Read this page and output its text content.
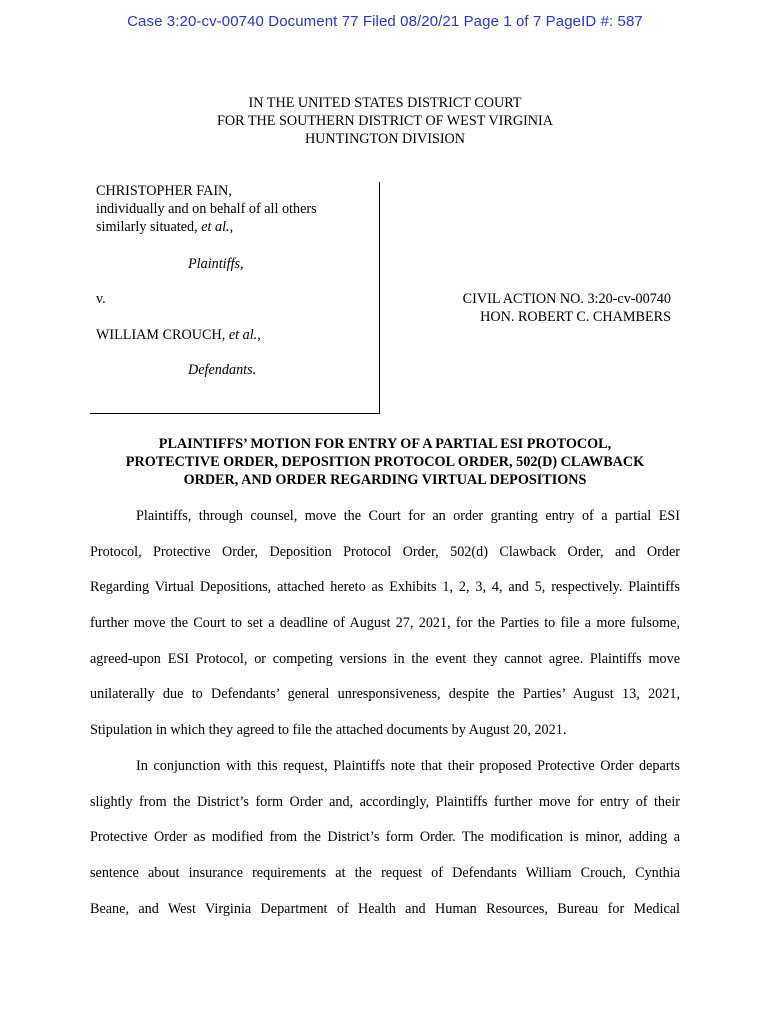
Case 3:20-cv-00740 Document 77 Filed 08/20/21 Page 1 of 7 PageID #: 587
IN THE UNITED STATES DISTRICT COURT
FOR THE SOUTHERN DISTRICT OF WEST VIRGINIA
HUNTINGTON DIVISION
CHRISTOPHER FAIN,
individually and on behalf of all others
similarly situated, et al.,
Plaintiffs,
v.
WILLIAM CROUCH, et al.,
Defendants.
CIVIL ACTION NO. 3:20-cv-00740
HON. ROBERT C. CHAMBERS
PLAINTIFFS’ MOTION FOR ENTRY OF A PARTIAL ESI PROTOCOL,
PROTECTIVE ORDER, DEPOSITION PROTOCOL ORDER, 502(D) CLAWBACK
ORDER, AND ORDER REGARDING VIRTUAL DEPOSITIONS
Plaintiffs, through counsel, move the Court for an order granting entry of a partial ESI
Protocol, Protective Order, Deposition Protocol Order, 502(d) Clawback Order, and Order
Regarding Virtual Depositions, attached hereto as Exhibits 1, 2, 3, 4, and 5, respectively. Plaintiffs
further move the Court to set a deadline of August 27, 2021, for the Parties to file a more fulsome,
agreed-upon ESI Protocol, or competing versions in the event they cannot agree. Plaintiffs move
unilaterally due to Defendants’ general unresponsiveness, despite the Parties’ August 13, 2021,
Stipulation in which they agreed to file the attached documents by August 20, 2021.
In conjunction with this request, Plaintiffs note that their proposed Protective Order departs
slightly from the District’s form Order and, accordingly, Plaintiffs further move for entry of their
Protective Order as modified from the District’s form Order. The modification is minor, adding a
sentence about insurance requirements at the request of Defendants William Crouch, Cynthia
Beane, and West Virginia Department of Health and Human Resources, Bureau for Medical
